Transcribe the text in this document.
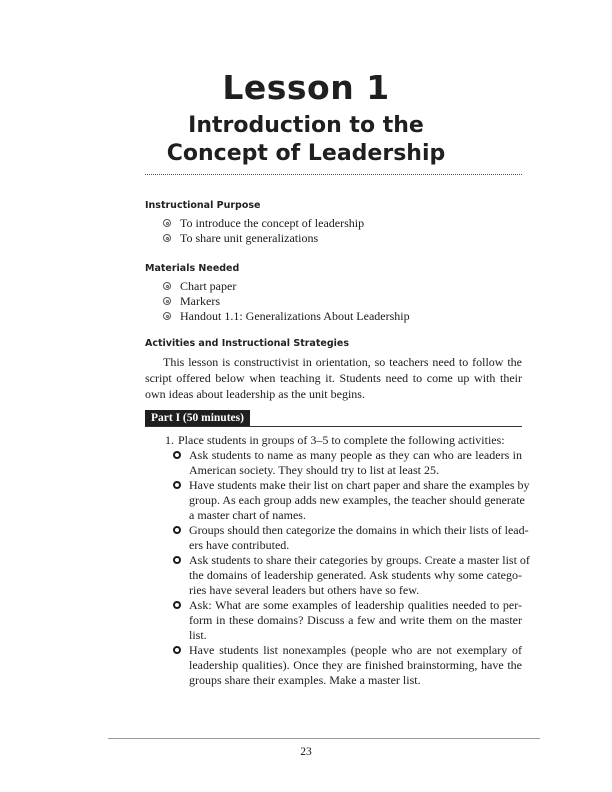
Lesson 1
Introduction to the
Concept of Leadership
Instructional Purpose
To introduce the concept of leadership
To share unit generalizations
Materials Needed
Chart paper
Markers
Handout 1.1: Generalizations About Leadership
Activities and Instructional Strategies

This lesson is constructivist in orientation, so teachers need to follow the script offered below when teaching it. Students need to come up with their own ideas about leadership as the unit begins.

Part I (50 minutes)
1. Place students in groups of 3–5 to complete the following activities:
Ask students to name as many people as they can who are leaders in
American society. They should try to list at least 25.
Have students make their list on chart paper and share the examples by
group. As each group adds new examples, the teacher should generate
a master chart of names.
Groups should then categorize the domains in which their lists of lead-
ers have contributed.
Ask students to share their categories by groups. Create a master list of
the domains of leadership generated. Ask students why some catego-
ries have several leaders but others have so few.
Ask: What are some examples of leadership qualities needed to per-
form in these domains? Discuss a few and write them on the master
list.
Have students list nonexamples (people who are not exemplary of
leadership qualities). Once they are finished brainstorming, have the
groups share their examples. Make a master list.
23
